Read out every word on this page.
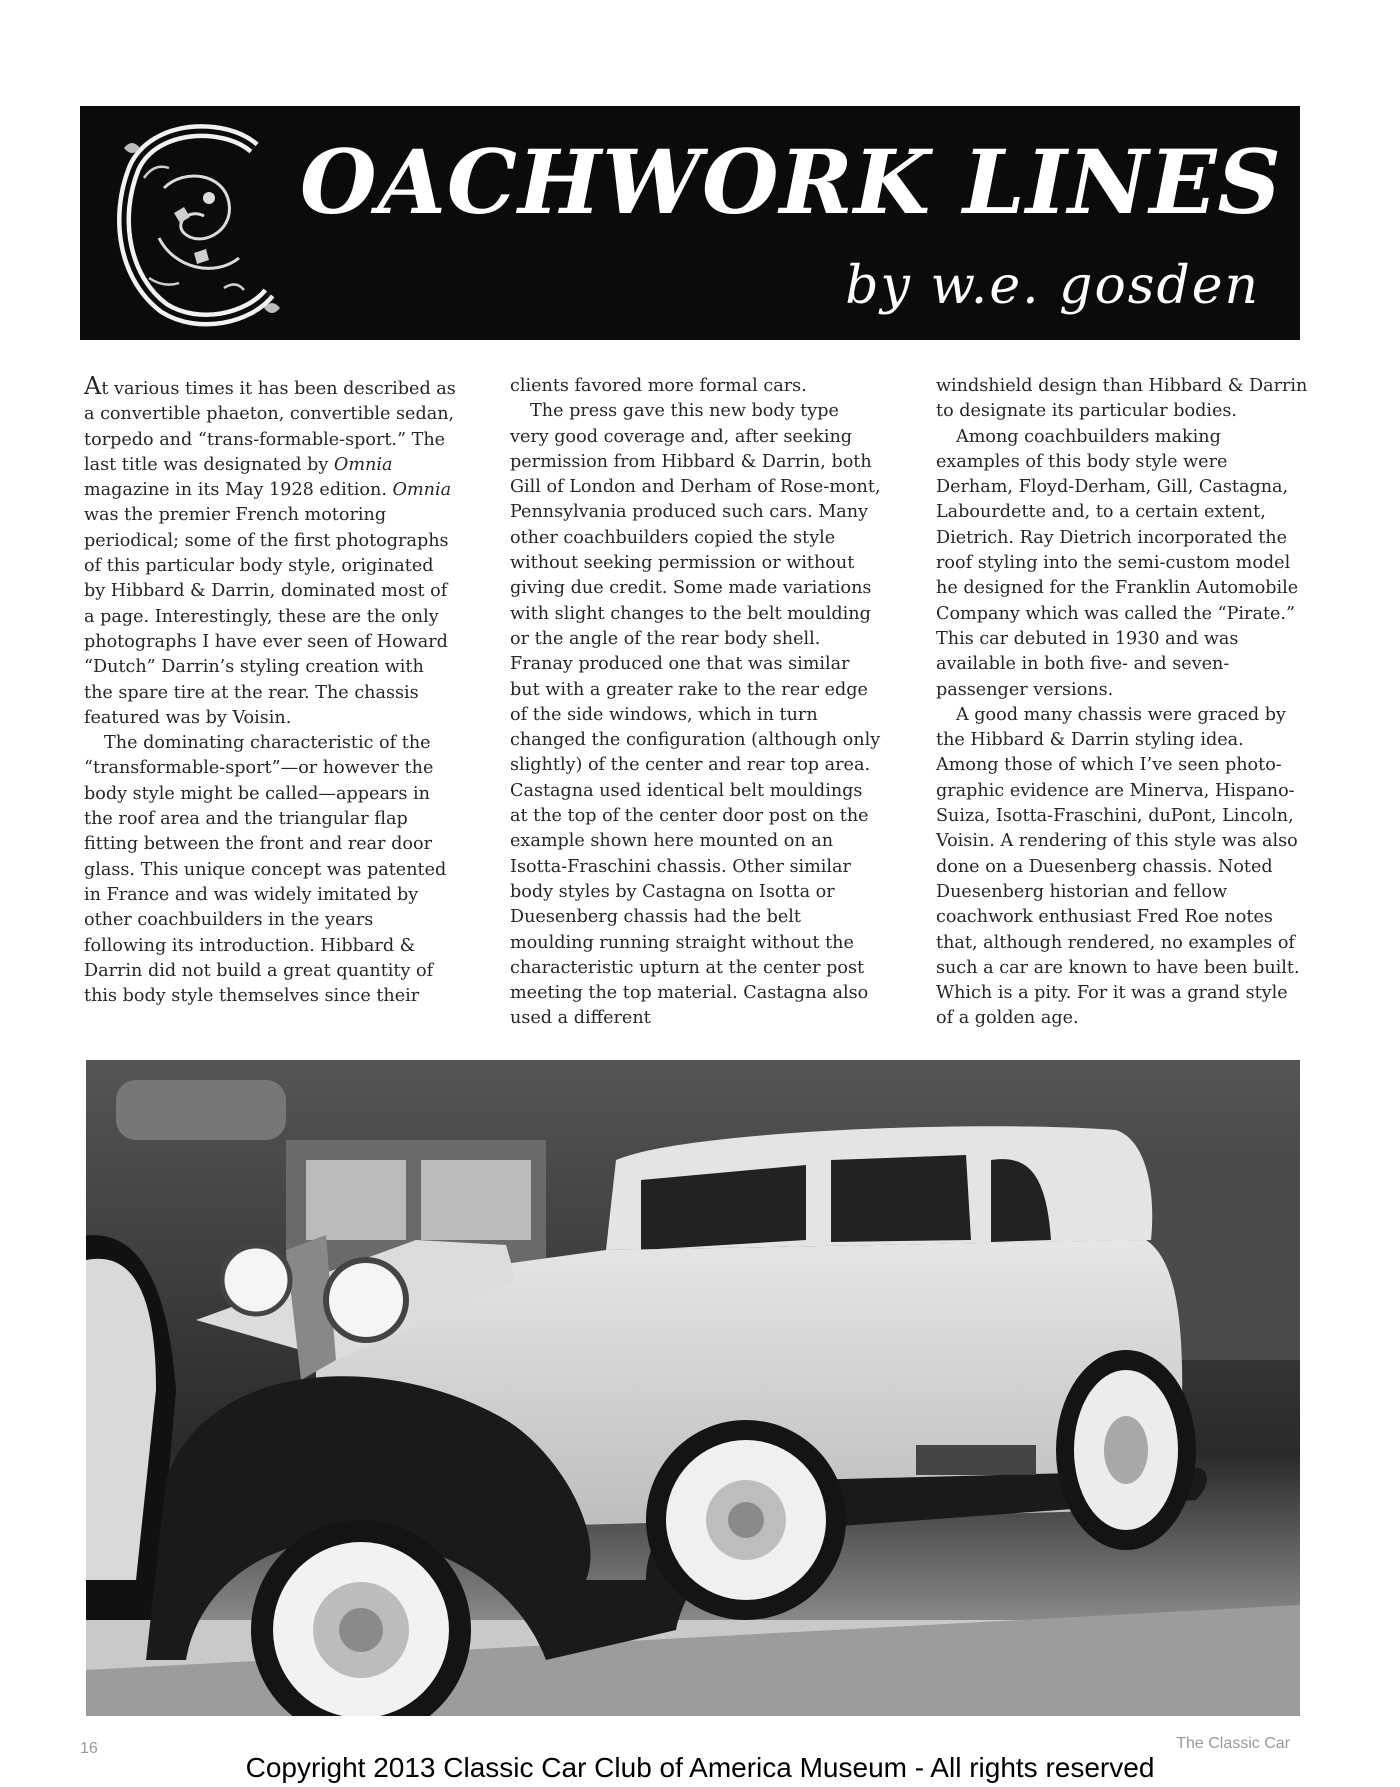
OACHWORK LINES
by w.e. gosden

At various times it has been described as a convertible phaeton, convertible sedan, torpedo and “trans-formable-sport.” The last title was designated by Omnia magazine in its May 1928 edition. Omnia was the premier French motoring periodical; some of the first photographs of this particular body style, originated by Hibbard & Darrin, dominated most of a page. Interestingly, these are the only photographs I have ever seen of Howard “Dutch” Darrin’s styling creation with the spare tire at the rear. The chassis featured was by Voisin.

The dominating characteristic of the “transformable-sport”—or however the body style might be called—appears in the roof area and the triangular flap fitting between the front and rear door glass. This unique concept was patented in France and was widely imitated by other coachbuilders in the years following its introduction. Hibbard & Darrin did not build a great quantity of this body style themselves since their

clients favored more formal cars.

The press gave this new body type very good coverage and, after seeking permission from Hibbard & Darrin, both Gill of London and Derham of Rose-mont, Pennsylvania produced such cars. Many other coachbuilders copied the style without seeking permission or without giving due credit. Some made variations with slight changes to the belt moulding or the angle of the rear body shell. Franay produced one that was similar but with a greater rake to the rear edge of the side windows, which in turn changed the configuration (although only slightly) of the center and rear top area. Castagna used identical belt mouldings at the top of the center door post on the example shown here mounted on an Isotta-Fraschini chassis. Other similar body styles by Castagna on Isotta or Duesenberg chassis had the belt moulding running straight without the characteristic upturn at the center post meeting the top material. Castagna also used a different

windshield design than Hibbard & Darrin to designate its particular bodies.

Among coachbuilders making examples of this body style were Derham, Floyd-Derham, Gill, Castagna, Labourdette and, to a certain extent, Dietrich. Ray Dietrich incorporated the roof styling into the semi-custom model he designed for the Franklin Automobile Company which was called the “Pirate.” This car debuted in 1930 and was available in both five- and seven-passenger versions.

A good many chassis were graced by the Hibbard & Darrin styling idea. Among those of which I’ve seen photo-graphic evidence are Minerva, Hispano-Suiza, Isotta-Fraschini, duPont, Lincoln, Voisin. A rendering of this style was also done on a Duesenberg chassis. Noted Duesenberg historian and fellow coachwork enthusiast Fred Roe notes that, although rendered, no examples of such a car are known to have been built. Which is a pity. For it was a grand style of a golden age.

16	The Classic Car
Copyright 2013 Classic Car Club of America Museum - All rights reserved
